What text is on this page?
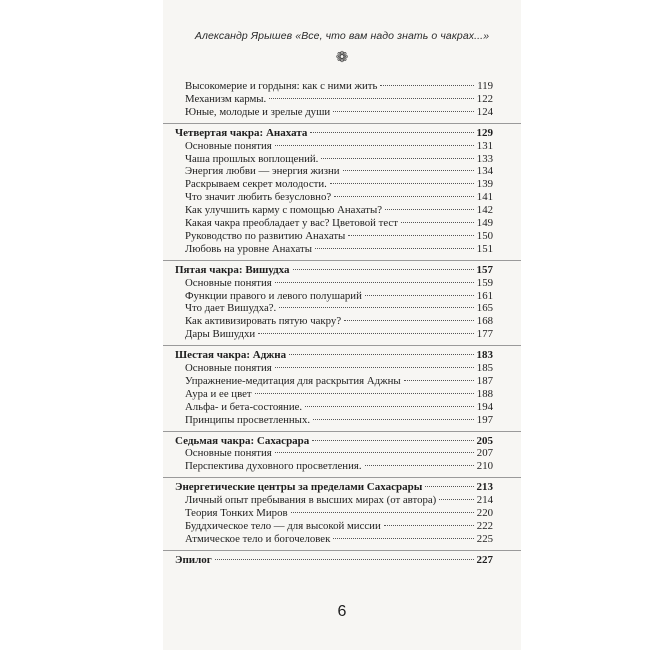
Александр Ярышев «Все, что вам надо знать о чакрах...»
❁
Высокомерие и гордыня: как с ними жить	119
Механизм кармы.	122
Юные, молодые и зрелые души	124
Четвертая чакра: Анахата	129
Основные понятия	131
Чаша прошлых воплощений.	133
Энергия любви — энергия жизни	134
Раскрываем секрет молодости.	139
Что значит любить безусловно?	141
Как улучшить карму с помощью Анахаты?	142
Какая чакра преобладает у вас? Цветовой тест	149
Руководство по развитию Анахаты	150
Любовь на уровне Анахаты	151
Пятая чакра: Вишудха	157
Основные понятия	159
Функции правого и левого полушарий	161
Что дает Вишудха?.	165
Как активизировать пятую чакру?	168
Дары Вишудхи	177
Шестая чакра: Аджна	183
Основные понятия	185
Упражнение-медитация для раскрытия Аджны	187
Аура и ее цвет	188
Альфа- и бета-состояние.	194
Принципы просветленных.	197
Седьмая чакра: Сахасрара	205
Основные понятия	207
Перспектива духовного просветления.	210
Энергетические центры за пределами Сахасрары	213
Личный опыт пребывания в высших мирах (от автора)	214
Теория Тонких Миров	220
Буддхическое тело — для высокой миссии	222
Атмическое тело и богочеловек	225
Эпилог	227
6
